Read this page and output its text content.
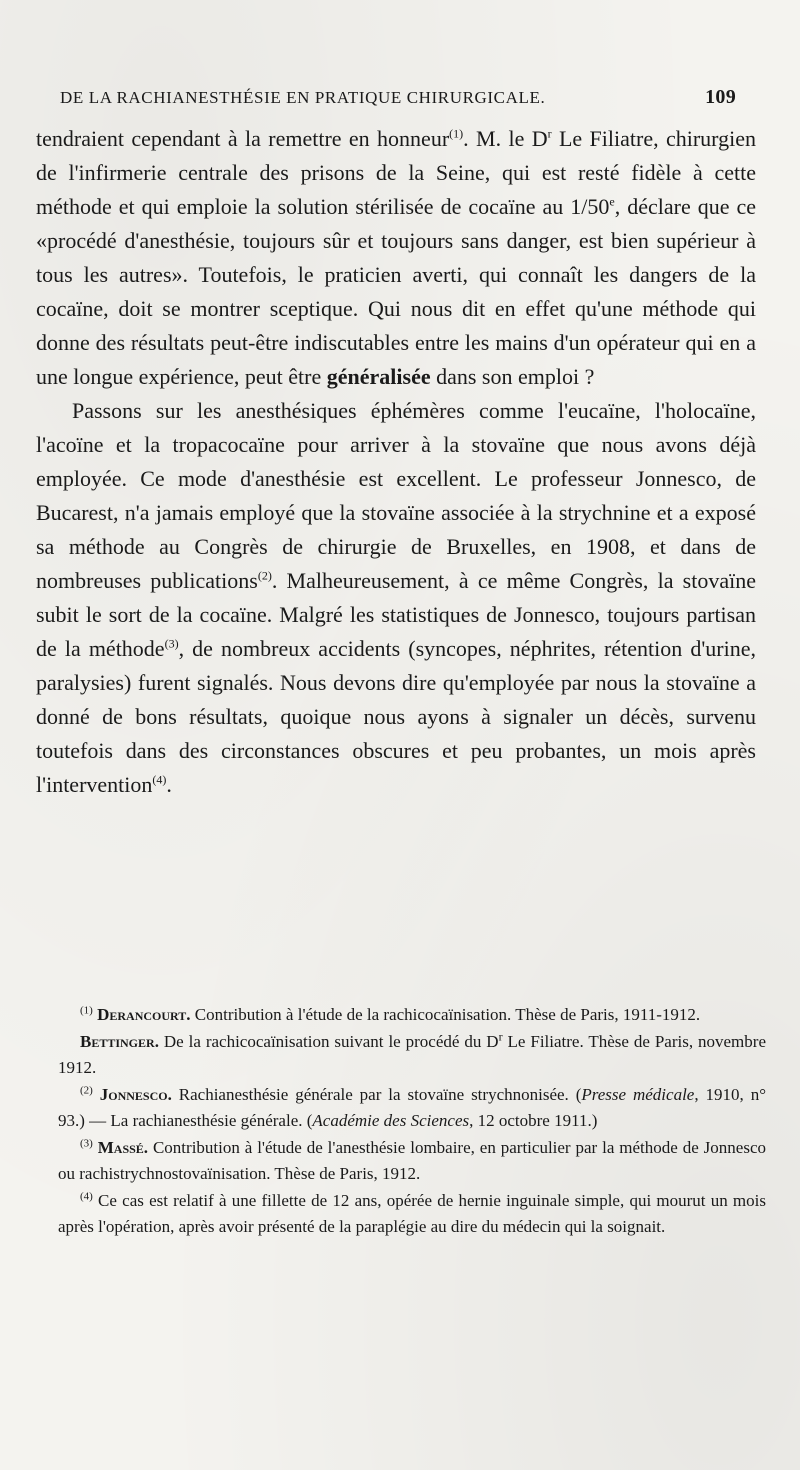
DE LA RACHIANESTHÉSIE EN PRATIQUE CHIRURGICALE.	109

tendraient cependant à la remettre en honneur$^{(1)}$. M. le $D^r$ Le Filiatre, chirurgien de l'infirmerie centrale des prisons de la Seine, qui est resté fidèle à cette méthode et qui emploie la solution stérilisée de cocaïne au 1/50e, déclare que ce «procédé d'anesthésie, toujours sûr et toujours sans danger, est bien supérieur à tous les autres». Toutefois, le praticien averti, qui connaît les dangers de la cocaïne, doit se montrer sceptique. Qui nous dit en effet qu'une méthode qui donne des résultats peut-être indiscutables entre les mains d'un opérateur qui en a une longue expérience, peut être généralisée dans son emploi ?

Passons sur les anesthésiques éphémères comme l'eucaïne, l'holocaïne, l'acoïne et la tropacocaïne pour arriver à la stovaïne que nous avons déjà employée. Ce mode d'anesthésie est excellent. Le professeur Jonnesco, de Bucarest, n'a jamais employé que la stovaïne associée à la strychnine et a exposé sa méthode au Congrès de chirurgie de Bruxelles, en 1908, et dans de nombreuses publications$^{(2)}$. Malheureusement, à ce même Congrès, la stovaïne subit le sort de la cocaïne. Malgré les statistiques de Jonnesco, toujours partisan de la méthode$^{(3)}$, de nombreux accidents (syncopes, néphrites, rétention d'urine, paralysies) furent signalés. Nous devons dire qu'employée par nous la stovaïne a donné de bons résultats, quoique nous ayons à signaler un décès, survenu toutefois dans des circonstances obscures et peu probantes, un mois après l'intervention$^{(4)}$.

$^{(1)}$ Derancourt. Contribution à l'étude de la rachicocaïnisation. Thèse de Paris, 1911-1912.

Bettinger. De la rachicocaïnisation suivant le procédé du $D^r$ Le Filiatre. Thèse de Paris, novembre 1912.

$^{(2)}$ Jonnesco. Rachianesthésie générale par la stovaïne strychnonisée. (Presse médicale, 1910, n° 93.) — La rachianesthésie générale. (Académie des Sciences, 12 octobre 1911.)

$^{(3)}$ Massé. Contribution à l'étude de l'anesthésie lombaire, en particulier par la méthode de Jonnesco ou rachistrychnostovaïnisation. Thèse de Paris, 1912.

$^{(4)}$ Ce cas est relatif à une fillette de 12 ans, opérée de hernie inguinale simple, qui mourut un mois après l'opération, après avoir présenté de la paraplégie au dire du médecin qui la soignait.
